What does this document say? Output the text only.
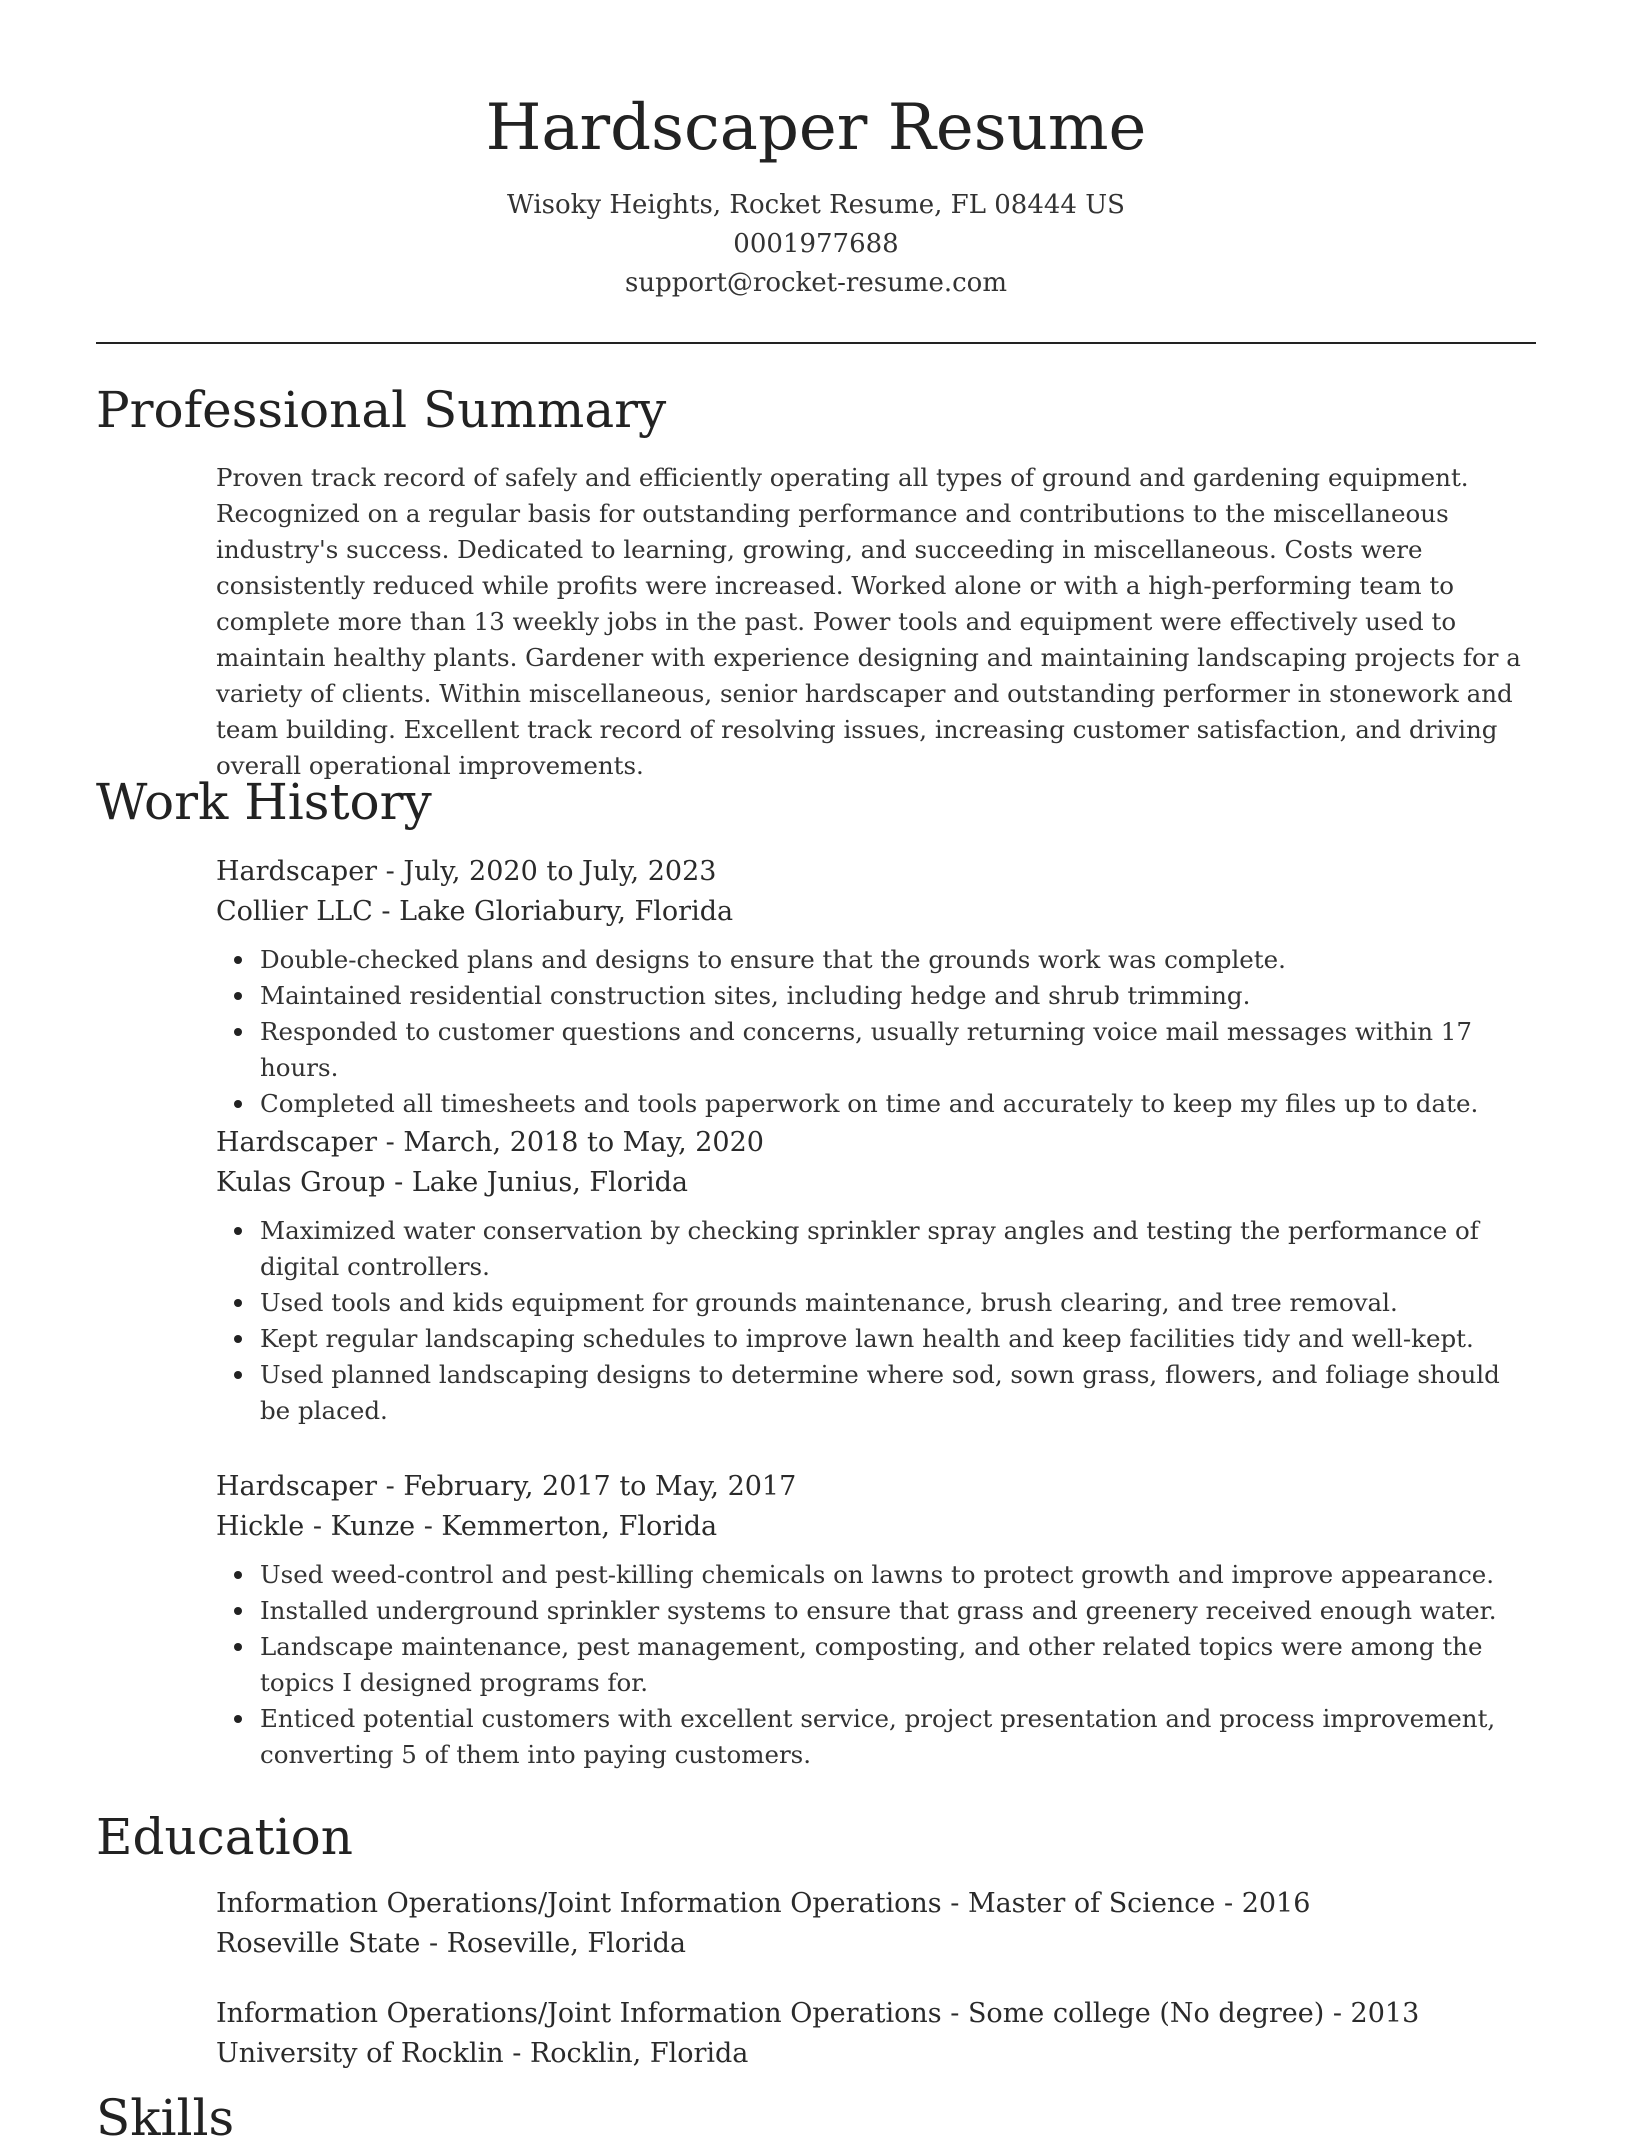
Hardscaper Resume
Wisoky Heights, Rocket Resume, FL 08444 US
0001977688
support@rocket-resume.com
Professional Summary

Proven track record of safely and efficiently operating all types of ground and gardening equipment. Recognized on a regular basis for outstanding performance and contributions to the miscellaneous industry's success. Dedicated to learning, growing, and succeeding in miscellaneous. Costs were consistently reduced while profits were increased. Worked alone or with a high-performing team to complete more than 13 weekly jobs in the past. Power tools and equipment were effectively used to maintain healthy plants. Gardener with experience designing and maintaining landscaping projects for a variety of clients. Within miscellaneous, senior hardscaper and outstanding performer in stonework and team building. Excellent track record of resolving issues, increasing customer satisfaction, and driving overall operational improvements.

Work History
Hardscaper - July, 2020 to July, 2023
Collier LLC - Lake Gloriabury, Florida
Double-checked plans and designs to ensure that the grounds work was complete.
Maintained residential construction sites, including hedge and shrub trimming.
Responded to customer questions and concerns, usually returning voice mail messages within 17 hours.
Completed all timesheets and tools paperwork on time and accurately to keep my files up to date.
Hardscaper - March, 2018 to May, 2020
Kulas Group - Lake Junius, Florida
Maximized water conservation by checking sprinkler spray angles and testing the performance of digital controllers.
Used tools and kids equipment for grounds maintenance, brush clearing, and tree removal.
Kept regular landscaping schedules to improve lawn health and keep facilities tidy and well-kept.
Used planned landscaping designs to determine where sod, sown grass, flowers, and foliage should be placed.
Hardscaper - February, 2017 to May, 2017
Hickle - Kunze - Kemmerton, Florida
Used weed-control and pest-killing chemicals on lawns to protect growth and improve appearance.
Installed underground sprinkler systems to ensure that grass and greenery received enough water.
Landscape maintenance, pest management, composting, and other related topics were among the topics I designed programs for.
Enticed potential customers with excellent service, project presentation and process improvement, converting 5 of them into paying customers.
Education
Information Operations/Joint Information Operations - Master of Science - 2016
Roseville State - Roseville, Florida
Information Operations/Joint Information Operations - Some college (No degree) - 2013
University of Rocklin - Rocklin, Florida
Skills
